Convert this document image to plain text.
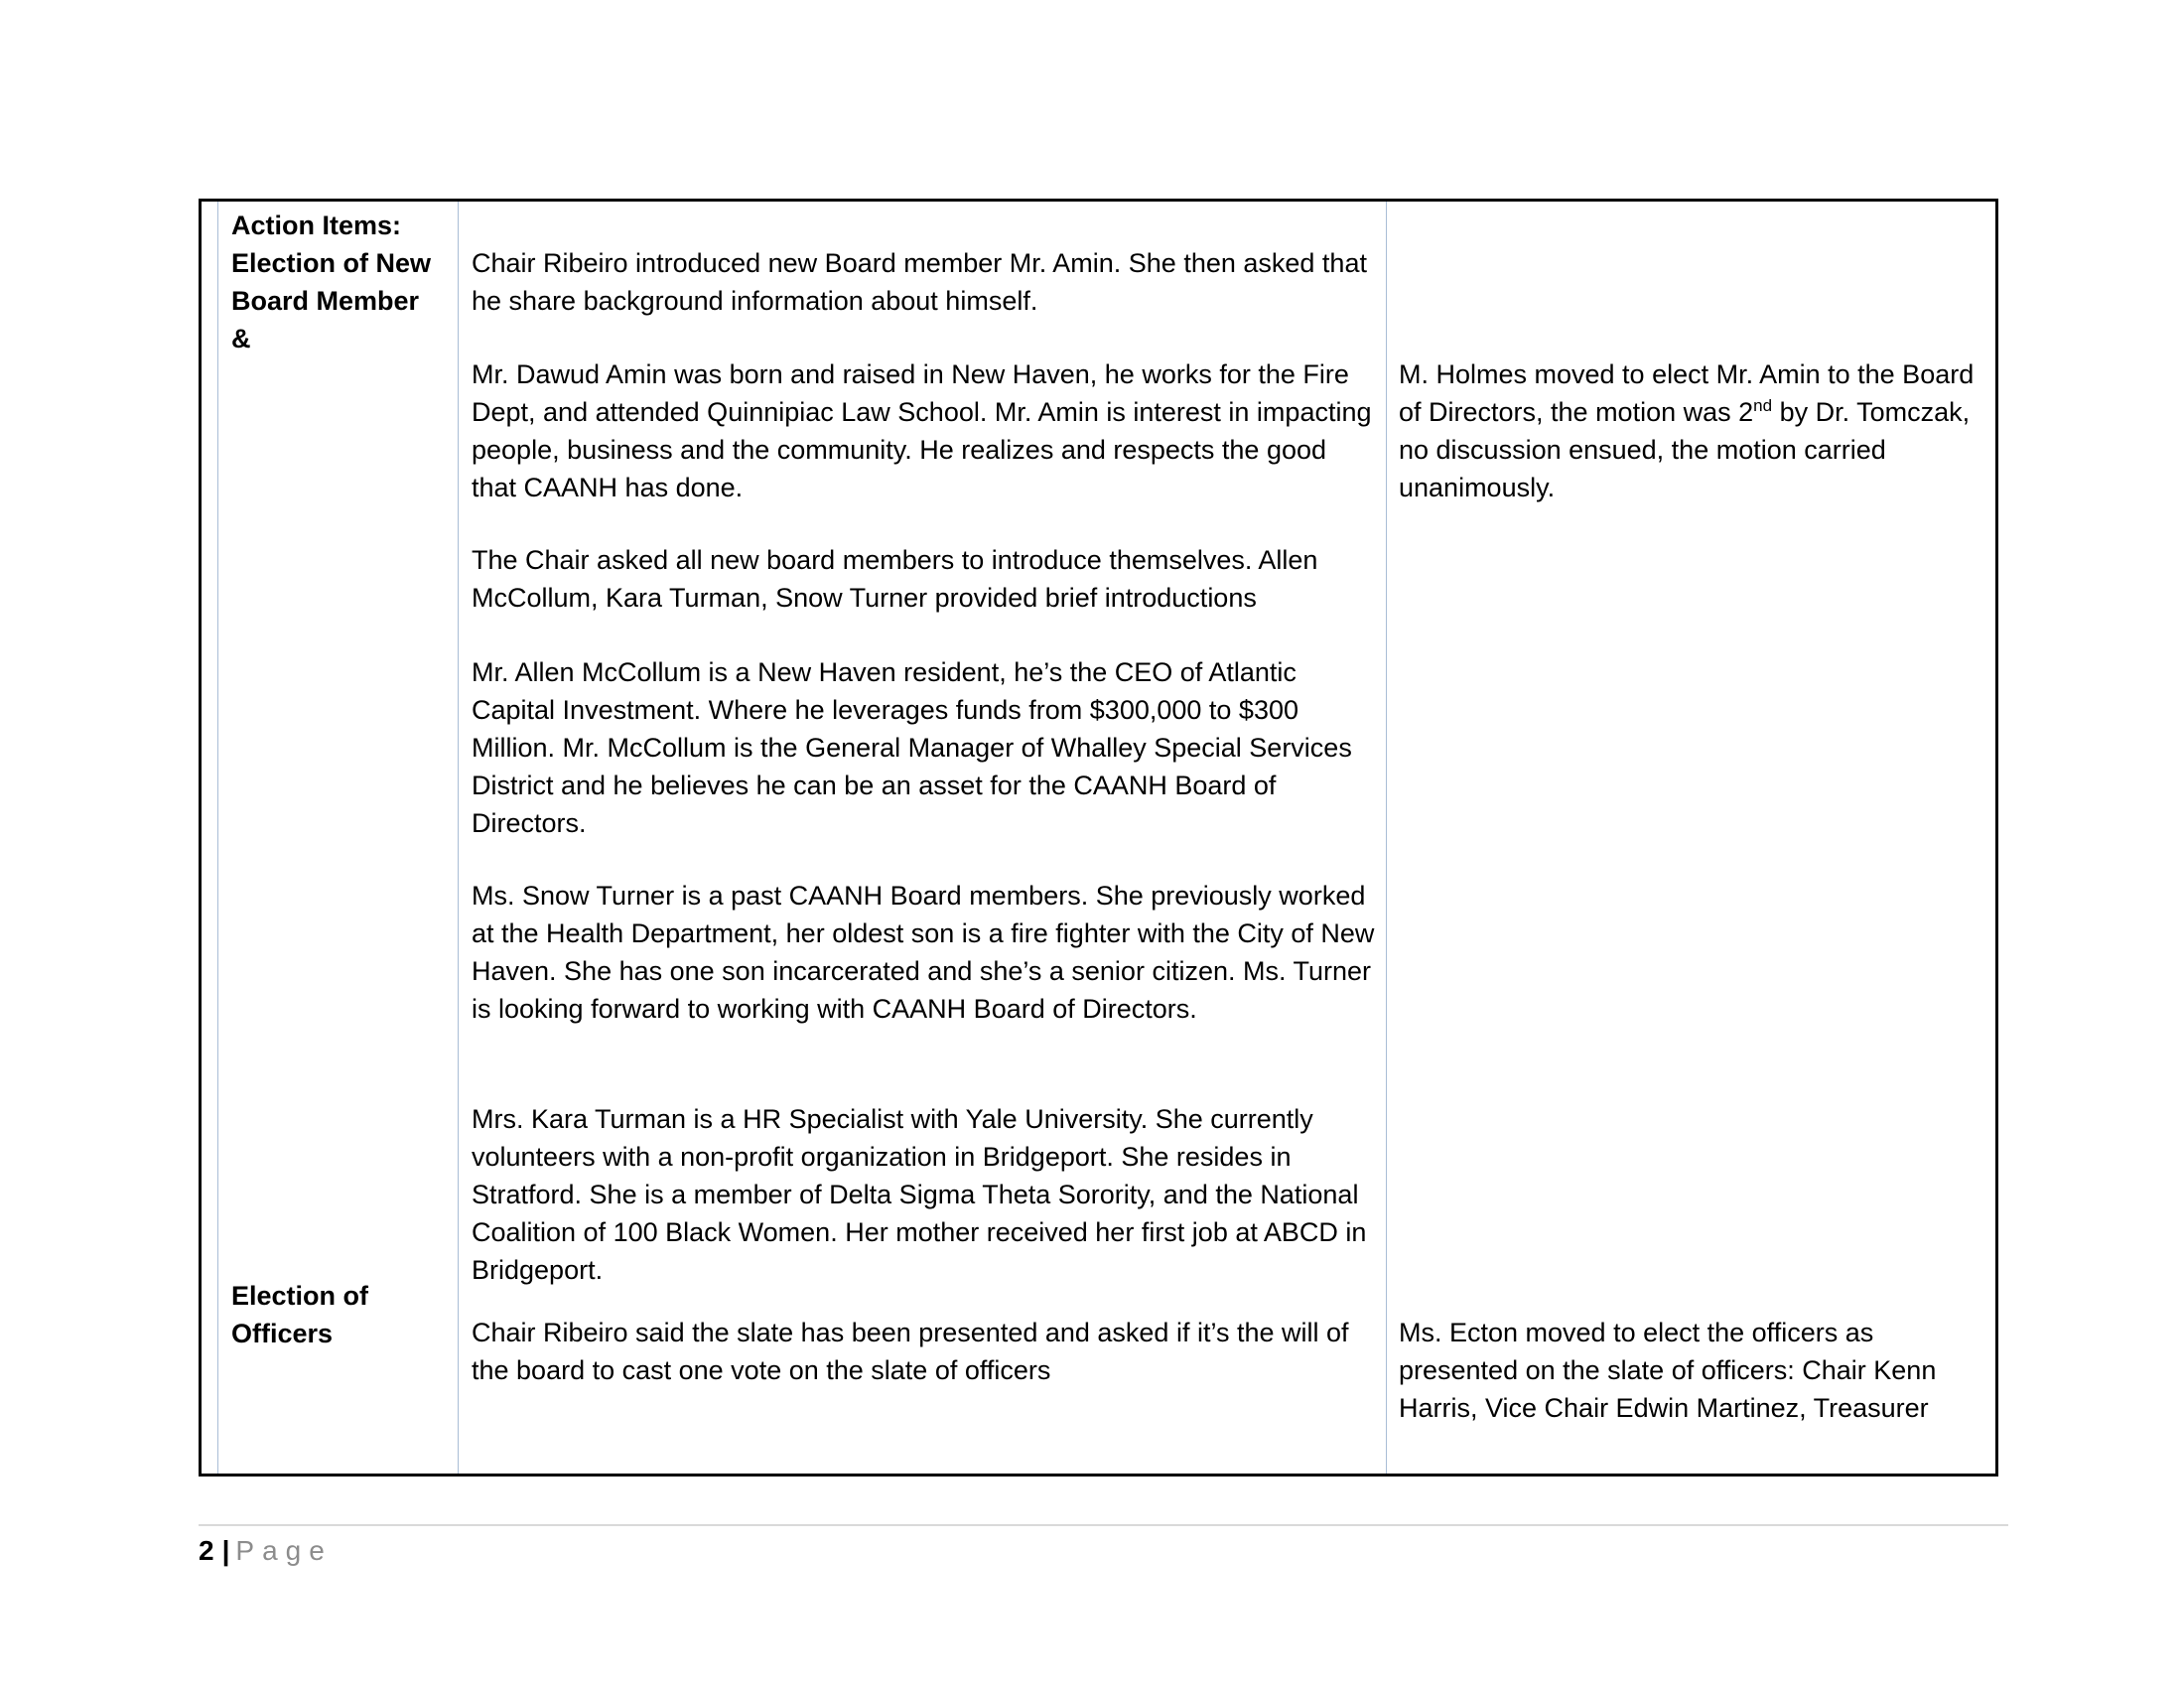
Action Items:
Election of New
Board Member
&
Election of
Officers

Chair Ribeiro introduced new Board member Mr. Amin. She then asked that he share background information about himself.

Mr. Dawud Amin was born and raised in New Haven, he works for the Fire Dept, and attended Quinnipiac Law School. Mr. Amin is interest in impacting people, business and the community. He realizes and respects the good that CAANH has done.

The Chair asked all new board members to introduce themselves. Allen McCollum, Kara Turman, Snow Turner provided brief introductions

Mr. Allen McCollum is a New Haven resident, he’s the CEO of Atlantic Capital Investment. Where he leverages funds from $300,000 to $300 Million. Mr. McCollum is the General Manager of Whalley Special Services District and he believes he can be an asset for the CAANH Board of Directors.

Ms. Snow Turner is a past CAANH Board members. She previously worked at the Health Department, her oldest son is a fire fighter with the City of New Haven. She has one son incarcerated and she’s a senior citizen. Ms. Turner is looking forward to working with CAANH Board of Directors.

Mrs. Kara Turman is a HR Specialist with Yale University. She currently volunteers with a non-profit organization in Bridgeport. She resides in Stratford. She is a member of Delta Sigma Theta Sorority, and the National Coalition of 100 Black Women. Her mother received her first job at ABCD in Bridgeport.

Chair Ribeiro said the slate has been presented and asked if it’s the will of the board to cast one vote on the slate of officers

M. Holmes moved to elect Mr. Amin to the Board of Directors, the motion was 2nd by Dr. Tomczak, no discussion ensued, the motion carried unanimously.

Ms. Ecton moved to elect the officers as presented on the slate of officers: Chair Kenn Harris, Vice Chair Edwin Martinez, Treasurer

2 | Page
